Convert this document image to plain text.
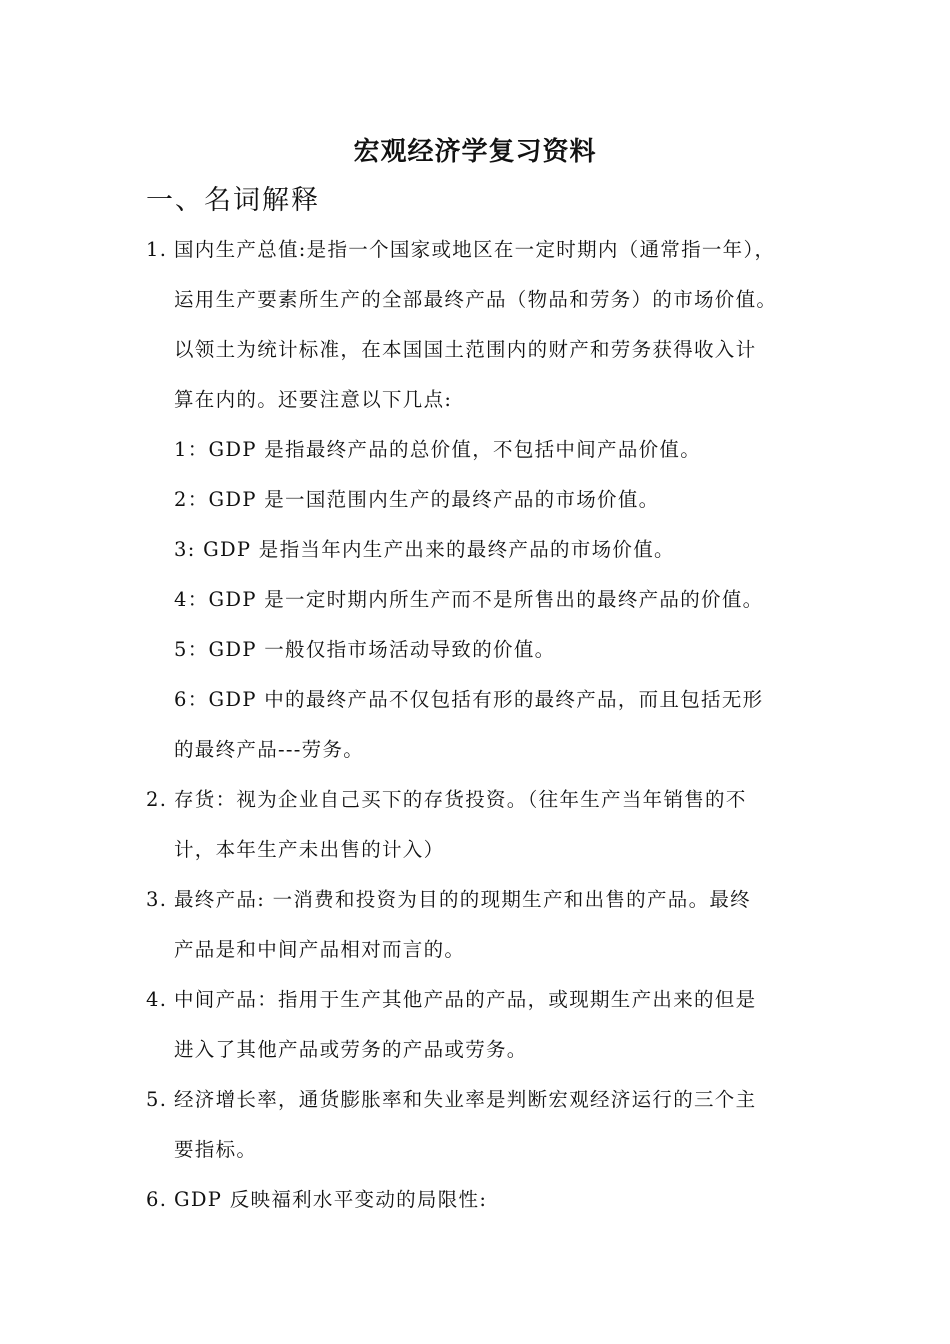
宏观经济学复习资料
一、名词解释
1. 国内生产总值:是指一个国家或地区在一定时期内（通常指一年），
运用生产要素所生产的全部最终产品（物品和劳务）的市场价值。
以领土为统计标准，在本国国土范围内的财产和劳务获得收入计
算在内的。还要注意以下几点:
1：GDP 是指最终产品的总价值，不包括中间产品价值。
2：GDP 是一国范围内生产的最终产品的市场价值。
3: GDP 是指当年内生产出来的最终产品的市场价值。
4：GDP 是一定时期内所生产而不是所售出的最终产品的价值。
5：GDP 一般仅指市场活动导致的价值。
6：GDP 中的最终产品不仅包括有形的最终产品，而且包括无形
的最终产品---劳务。
2. 存货：视为企业自己买下的存货投资。（往年生产当年销售的不
计，本年生产未出售的计入）
3. 最终产品: 一消费和投资为目的的现期生产和出售的产品。最终
产品是和中间产品相对而言的。
4. 中间产品：指用于生产其他产品的产品，或现期生产出来的但是
进入了其他产品或劳务的产品或劳务。
5. 经济增长率，通货膨胀率和失业率是判断宏观经济运行的三个主
要指标。
6. GDP 反映福利水平变动的局限性:
